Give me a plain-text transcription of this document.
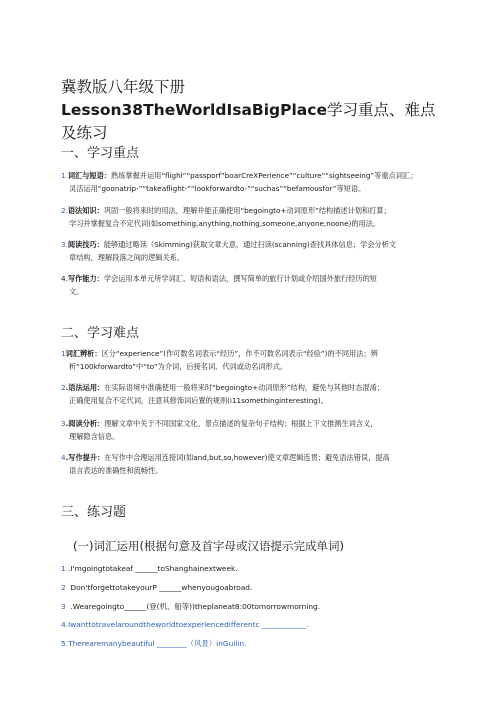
冀教版八年级下册Lesson38TheWorldIsaBigPlace学习重点、难点及练习
一、学习重点
1.词汇与短语：熟练掌握并运用“flighl”“passporf”boarCreXPerience”“culture”“sightseeing”等重点词汇；
灵活运用“goonatrip-”“takeaflight-”“lookforwardto-”“suchas”“befamousfor”等短语。
2.语法知识：巩固一般将来时的用法，理解并能正确使用“begoingto+动词原形”结构描述计划和打算；
学习并掌握复合不定代词(如something,anything,nothing,someone,anyone,noone)的用法。
3.阅读技巧：能够通过略读（Skimming)获取文章大意，通过扫读(scanning)查找具体信息；学会分析文
章结构，理解段落之间的逻辑关系。
4.写作能力：学会运用本单元所学词汇、短语和语法，撰写简单的旅行计划或介绍国外旅行经历的短
文。
二、学习难点
1词汇辨析：区分“experience”(作可数名词表示“经历”，作不可数名词表示“经验”)的不同用法；辨
析“100kforwardto”中“to”为介词，后接名词、代词或动名词形式。
2.语法运用：在实际语境中准确使用一般将来时“begoingto+动词原形”结构，避免与其他时态混淆；
正确使用复合不定代词，注意其修饰词后置的规则(i11somethinginteresting)。
3.阅读分析：理解文章中关于不同国家文化、景点描述的复杂句子结构；根据上下文推测生词含义，
理解隐含信息。
4.写作提升：在写作中合理运用连接词(如and,but,so,however)使文章逻辑连贯；避免语法错误，提高
语言表达的准确性和流畅性。
三、练习题
(一)词汇运用(根据句意及首字母或汉语提示完成单词)
1 .I'mgoingtotakeaf ______toShanghainextweek.
2 Don'tforgettotakeyourP ______whenyougoabroad.
3 .Wearegoingto______(登(机、船等))theplaneat8:00tomorrowmorning.
4.Iwanttotravelaroundtheworldtoexperiencedifferentc ____________.
5.Therearemanybeautiful ________（风景）inGuilin.
